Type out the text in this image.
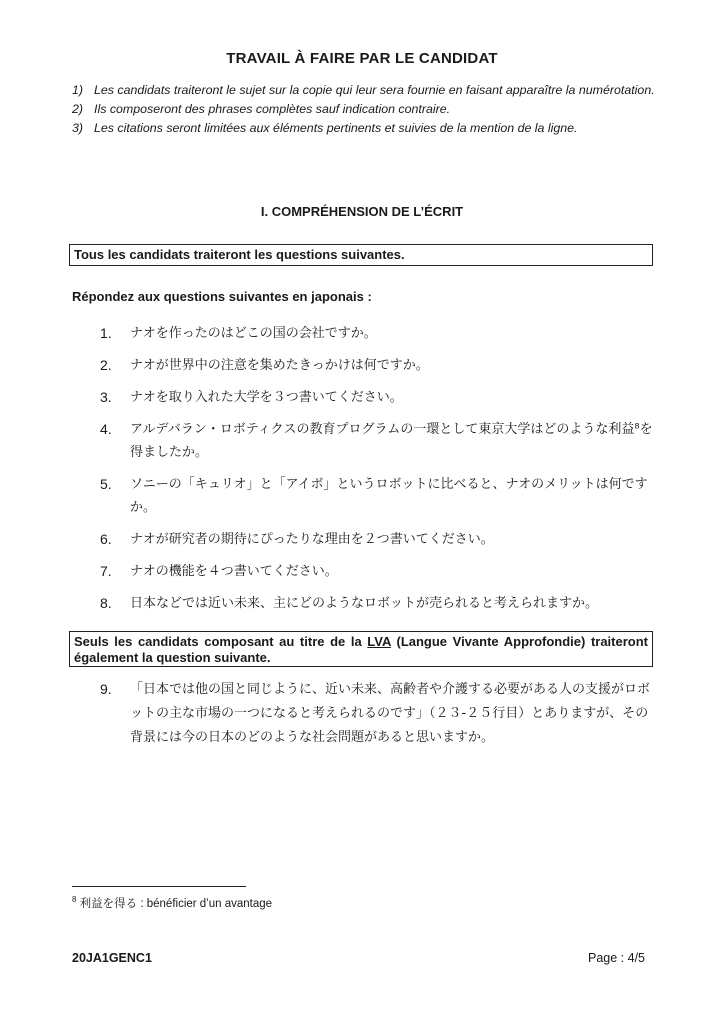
TRAVAIL À FAIRE PAR LE CANDIDAT
1) Les candidats traiteront le sujet sur la copie qui leur sera fournie en faisant apparaître la numérotation.
2) Ils composeront des phrases complètes sauf indication contraire.
3) Les citations seront limitées aux éléments pertinents et suivies de la mention de la ligne.
I. COMPRÉHENSION DE L’ÉCRIT
Tous les candidats traiteront les questions suivantes.
Répondez aux questions suivantes en japonais :
1.	ナオを作ったのはどこの国の会社ですか。
2.	ナオが世界中の注意を集めたきっかけは何ですか。
3.	ナオを取り入れた大学を３つ書いてください。
4.	アルデバラン・ロボティクスの教育プログラムの一環として東京大学はどのような利益⁸を得ましたか。
5.	ソニーの「キュリオ」と「アイボ」というロボットに比べると、ナオのメリットは何ですか。
6.	ナオが研究者の期待にぴったりな理由を２つ書いてください。
7.	ナオの機能を４つ書いてください。
8.	日本などでは近い未来、主にどのようなロボットが売られると考えられますか。
Seuls les candidats composant au titre de la LVA (Langue Vivante Approfondie) traiteront également la question suivante.
9.	「日本では他の国と同じように、近い未来、高齢者や介護する必要がある人の支援がロボットの主な市場の一つになると考えられるのです」（２３-２５行目）とありますが、その背景には今の日本のどのような社会問題があると思いますか。
$^8$ 利益を得る : bénéficier d’un avantage
20JA1GENC1	Page : 4/5
